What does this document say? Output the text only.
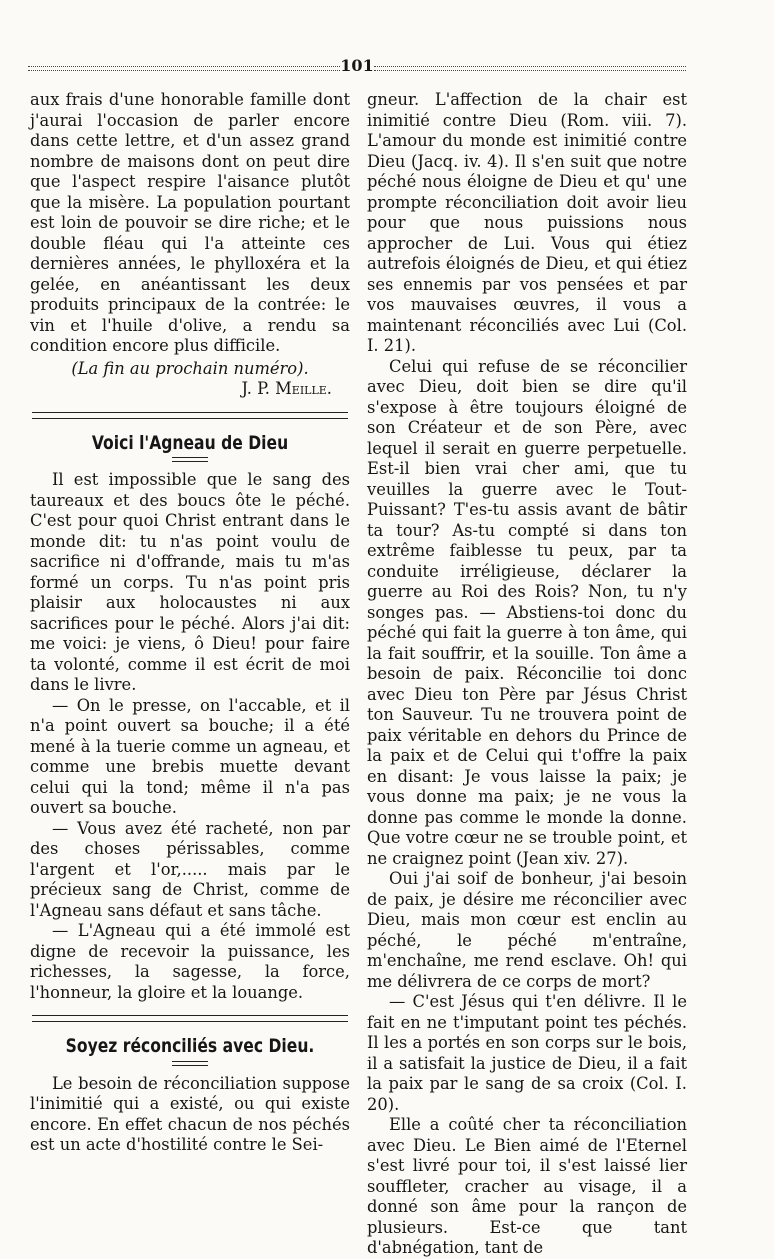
101

aux frais d'une honorable famille dont j'aurai l'occasion de parler encore dans cette lettre, et d'un assez grand nombre de maisons dont on peut dire que l'aspect respire l'aisance plutôt que la misère. La population pourtant est loin de pouvoir se dire riche; et le double fléau qui l'a atteinte ces dernières années, le phylloxéra et la gelée, en anéantissant les deux produits principaux de la contrée: le vin et l'huile d'olive, a rendu sa condition encore plus difficile.

(La fin au prochain numéro).

J. P. Meille.

Voici l'Agneau de Dieu

Il est impossible que le sang des taureaux et des boucs ôte le péché. C'est pour quoi Christ entrant dans le monde dit: tu n'as point voulu de sacrifice ni d'offrande, mais tu m'as formé un corps. Tu n'as point pris plaisir aux holocaustes ni aux sacrifices pour le péché. Alors j'ai dit: me voici: je viens, ô Dieu! pour faire ta volonté, comme il est écrit de moi dans le livre.

— On le presse, on l'accable, et il n'a point ouvert sa bouche; il a été mené à la tuerie comme un agneau, et comme une brebis muette devant celui qui la tond; même il n'a pas ouvert sa bouche.

— Vous avez été racheté, non par des choses périssables, comme l'argent et l'or,..... mais par le précieux sang de Christ, comme de l'Agneau sans défaut et sans tâche.

— L'Agneau qui a été immolé est digne de recevoir la puissance, les richesses, la sagesse, la force, l'honneur, la gloire et la louange.

Soyez réconciliés avec Dieu.

Le besoin de réconciliation suppose l'inimitié qui a existé, ou qui existe encore. En effet chacun de nos péchés est un acte d'hostilité contre le Sei-

gneur. L'affection de la chair est inimitié contre Dieu (Rom. viii. 7). L'amour du monde est inimitié contre Dieu (Jacq. iv. 4). Il s'en suit que notre péché nous éloigne de Dieu et qu' une prompte réconciliation doit avoir lieu pour que nous puissions nous approcher de Lui. Vous qui étiez autrefois éloignés de Dieu, et qui étiez ses ennemis par vos pensées et par vos mauvaises œuvres, il vous a maintenant réconciliés avec Lui (Col. I. 21).

Celui qui refuse de se réconcilier avec Dieu, doit bien se dire qu'il s'expose à être toujours éloigné de son Créateur et de son Père, avec lequel il serait en guerre perpetuelle. Est-il bien vrai cher ami, que tu veuilles la guerre avec le Tout-Puissant? T'es-tu assis avant de bâtir ta tour? As-tu compté si dans ton extrême faiblesse tu peux, par ta conduite irréligieuse, déclarer la guerre au Roi des Rois? Non, tu n'y songes pas. — Abstiens-toi donc du péché qui fait la guerre à ton âme, qui la fait souffrir, et la souille. Ton âme a besoin de paix. Réconcilie toi donc avec Dieu ton Père par Jésus Christ ton Sauveur. Tu ne trouvera point de paix véritable en dehors du Prince de la paix et de Celui qui t'offre la paix en disant: Je vous laisse la paix; je vous donne ma paix; je ne vous la donne pas comme le monde la donne. Que votre cœur ne se trouble point, et ne craignez point (Jean xiv. 27).

Oui j'ai soif de bonheur, j'ai besoin de paix, je désire me réconcilier avec Dieu, mais mon cœur est enclin au péché, le péché m'entraîne, m'enchaîne, me rend esclave. Oh! qui me délivrera de ce corps de mort?

— C'est Jésus qui t'en délivre. Il le fait en ne t'imputant point tes péchés. Il les a portés en son corps sur le bois, il a satisfait la justice de Dieu, il a fait la paix par le sang de sa croix (Col. I. 20).

Elle a coûté cher ta réconciliation avec Dieu. Le Bien aimé de l'Eternel s'est livré pour toi, il s'est laissé lier souffleter, cracher au visage, il a donné son âme pour la rançon de plusieurs. Est-ce que tant d'abnégation, tant de
